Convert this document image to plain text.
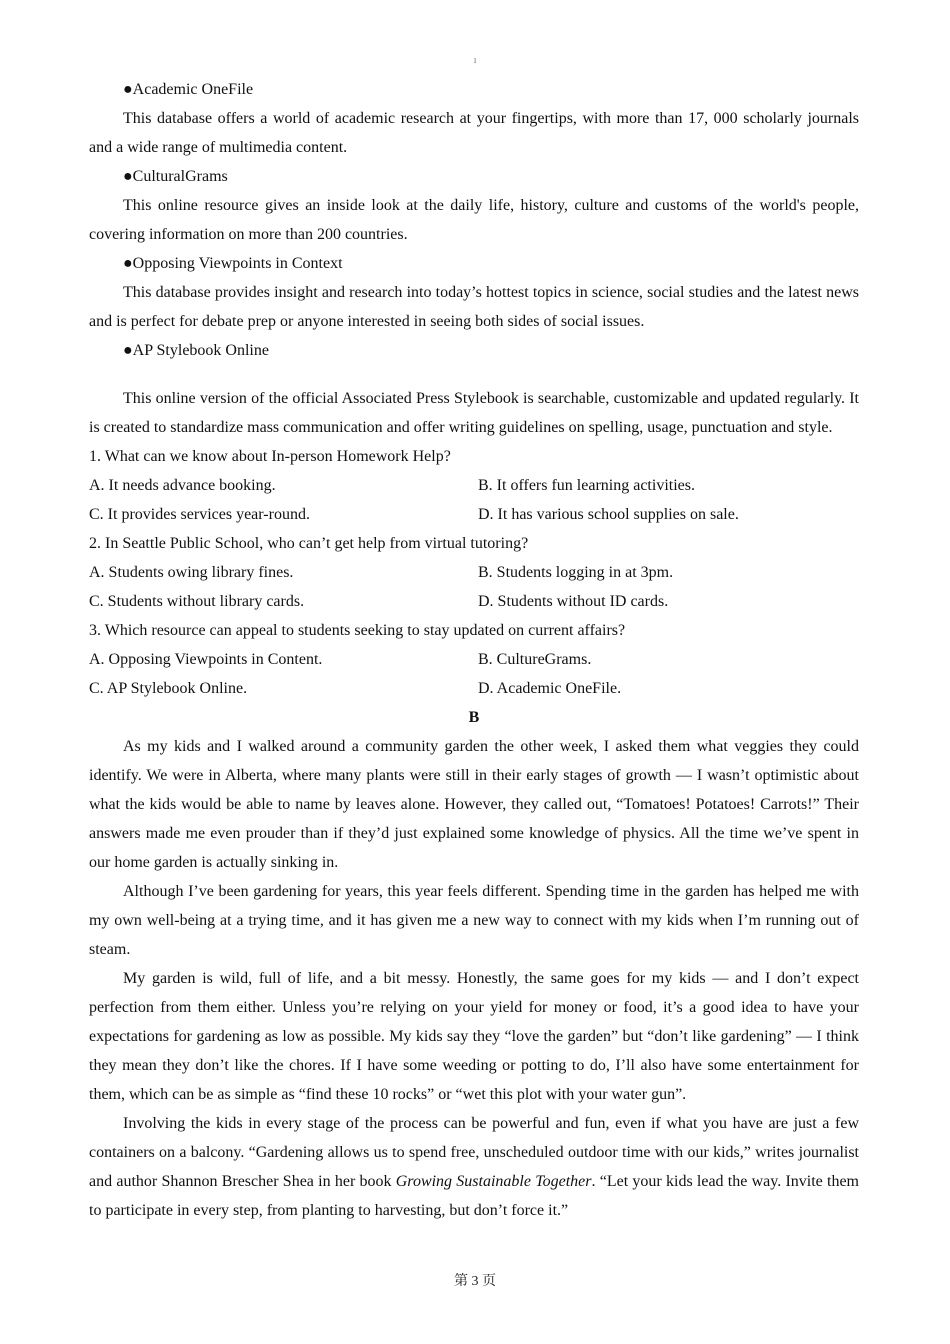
1

●Academic OneFile

This database offers a world of academic research at your fingertips, with more than 17, 000 scholarly journals and a wide range of multimedia content.

●CulturalGrams

This online resource gives an inside look at the daily life, history, culture and customs of the world's people, covering information on more than 200 countries.

●Opposing Viewpoints in Context

This database provides insight and research into today’s hottest topics in science, social studies and the latest news and is perfect for debate prep or anyone interested in seeing both sides of social issues.

●AP Stylebook Online

This online version of the official Associated Press Stylebook is searchable, customizable and updated regularly. It is created to standardize mass communication and offer writing guidelines on spelling, usage, punctuation and style.

1. What can we know about In-person Homework Help?

A. It needs advance booking.	B. It offers fun learning activities.
C. It provides services year-round.	D. It has various school supplies on sale.

2. In Seattle Public School, who can’t get help from virtual tutoring?

A. Students owing library fines.	B. Students logging in at 3pm.
C. Students without library cards.	D. Students without ID cards.

3. Which resource can appeal to students seeking to stay updated on current affairs?

A. Opposing Viewpoints in Content.	B. CultureGrams.
C. AP Stylebook Online.	D. Academic OneFile.

B

As my kids and I walked around a community garden the other week, I asked them what veggies they could identify. We were in Alberta, where many plants were still in their early stages of growth — I wasn’t optimistic about what the kids would be able to name by leaves alone. However, they called out, “Tomatoes! Potatoes! Carrots!” Their answers made me even prouder than if they’d just explained some knowledge of physics. All the time we’ve spent in our home garden is actually sinking in.

Although I’ve been gardening for years, this year feels different. Spending time in the garden has helped me with my own well-being at a trying time, and it has given me a new way to connect with my kids when I’m running out of steam.

My garden is wild, full of life, and a bit messy. Honestly, the same goes for my kids — and I don’t expect perfection from them either. Unless you’re relying on your yield for money or food, it’s a good idea to have your expectations for gardening as low as possible. My kids say they “love the garden” but “don’t like gardening” — I think they mean they don’t like the chores. If I have some weeding or potting to do, I’ll also have some entertainment for them, which can be as simple as “find these 10 rocks” or “wet this plot with your water gun”.

Involving the kids in every stage of the process can be powerful and fun, even if what you have are just a few containers on a balcony. “Gardening allows us to spend free, unscheduled outdoor time with our kids,” writes journalist and author Shannon Brescher Shea in her book Growing Sustainable Together. “Let your kids lead the way. Invite them to participate in every step, from planting to harvesting, but don’t force it.”

第 3 页
